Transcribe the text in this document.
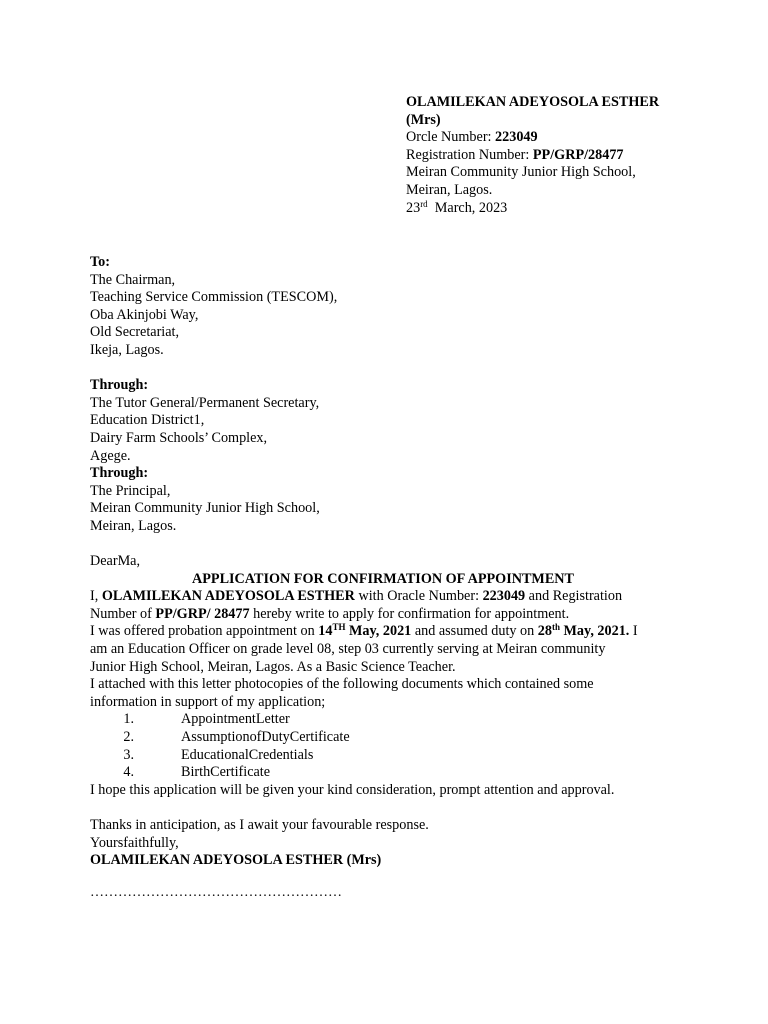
OLAMILEKAN ADEYOSOLA ESTHER
(Mrs)
Orcle Number: 223049
Registration Number: PP/GRP/28477
Meiran Community Junior High School,
Meiran, Lagos.
23rd  March, 2023
To:
The Chairman,
Teaching Service Commission (TESCOM),
Oba Akinjobi Way,
Old Secretariat,
Ikeja, Lagos.
Through:
The Tutor General/Permanent Secretary,
Education District1,
Dairy Farm Schools’ Complex,
Agege.
Through:
The Principal,
Meiran Community Junior High School,
Meiran, Lagos.
DearMa,
APPLICATION FOR CONFIRMATION OF APPOINTMENT
I, OLAMILEKAN ADEYOSOLA ESTHER with Oracle Number: 223049 and Registration
Number of PP/GRP/ 28477 hereby write to apply for confirmation for appointment.
I was offered probation appointment on 14TH May, 2021 and assumed duty on 28th May, 2021. I
am an Education Officer on grade level 08, step 03 currently serving at Meiran community
Junior High School, Meiran, Lagos. As a Basic Science Teacher.
I attached with this letter photocopies of the following documents which contained some
information in support of my application;
1.	AppointmentLetter
2.	AssumptionofDutyCertificate
3.	EducationalCredentials
4.	BirthCertificate
I hope this application will be given your kind consideration, prompt attention and approval.
Thanks in anticipation, as I await your favourable response.
Yoursfaithfully,
OLAMILEKAN ADEYOSOLA ESTHER (Mrs)
………………………………………………
